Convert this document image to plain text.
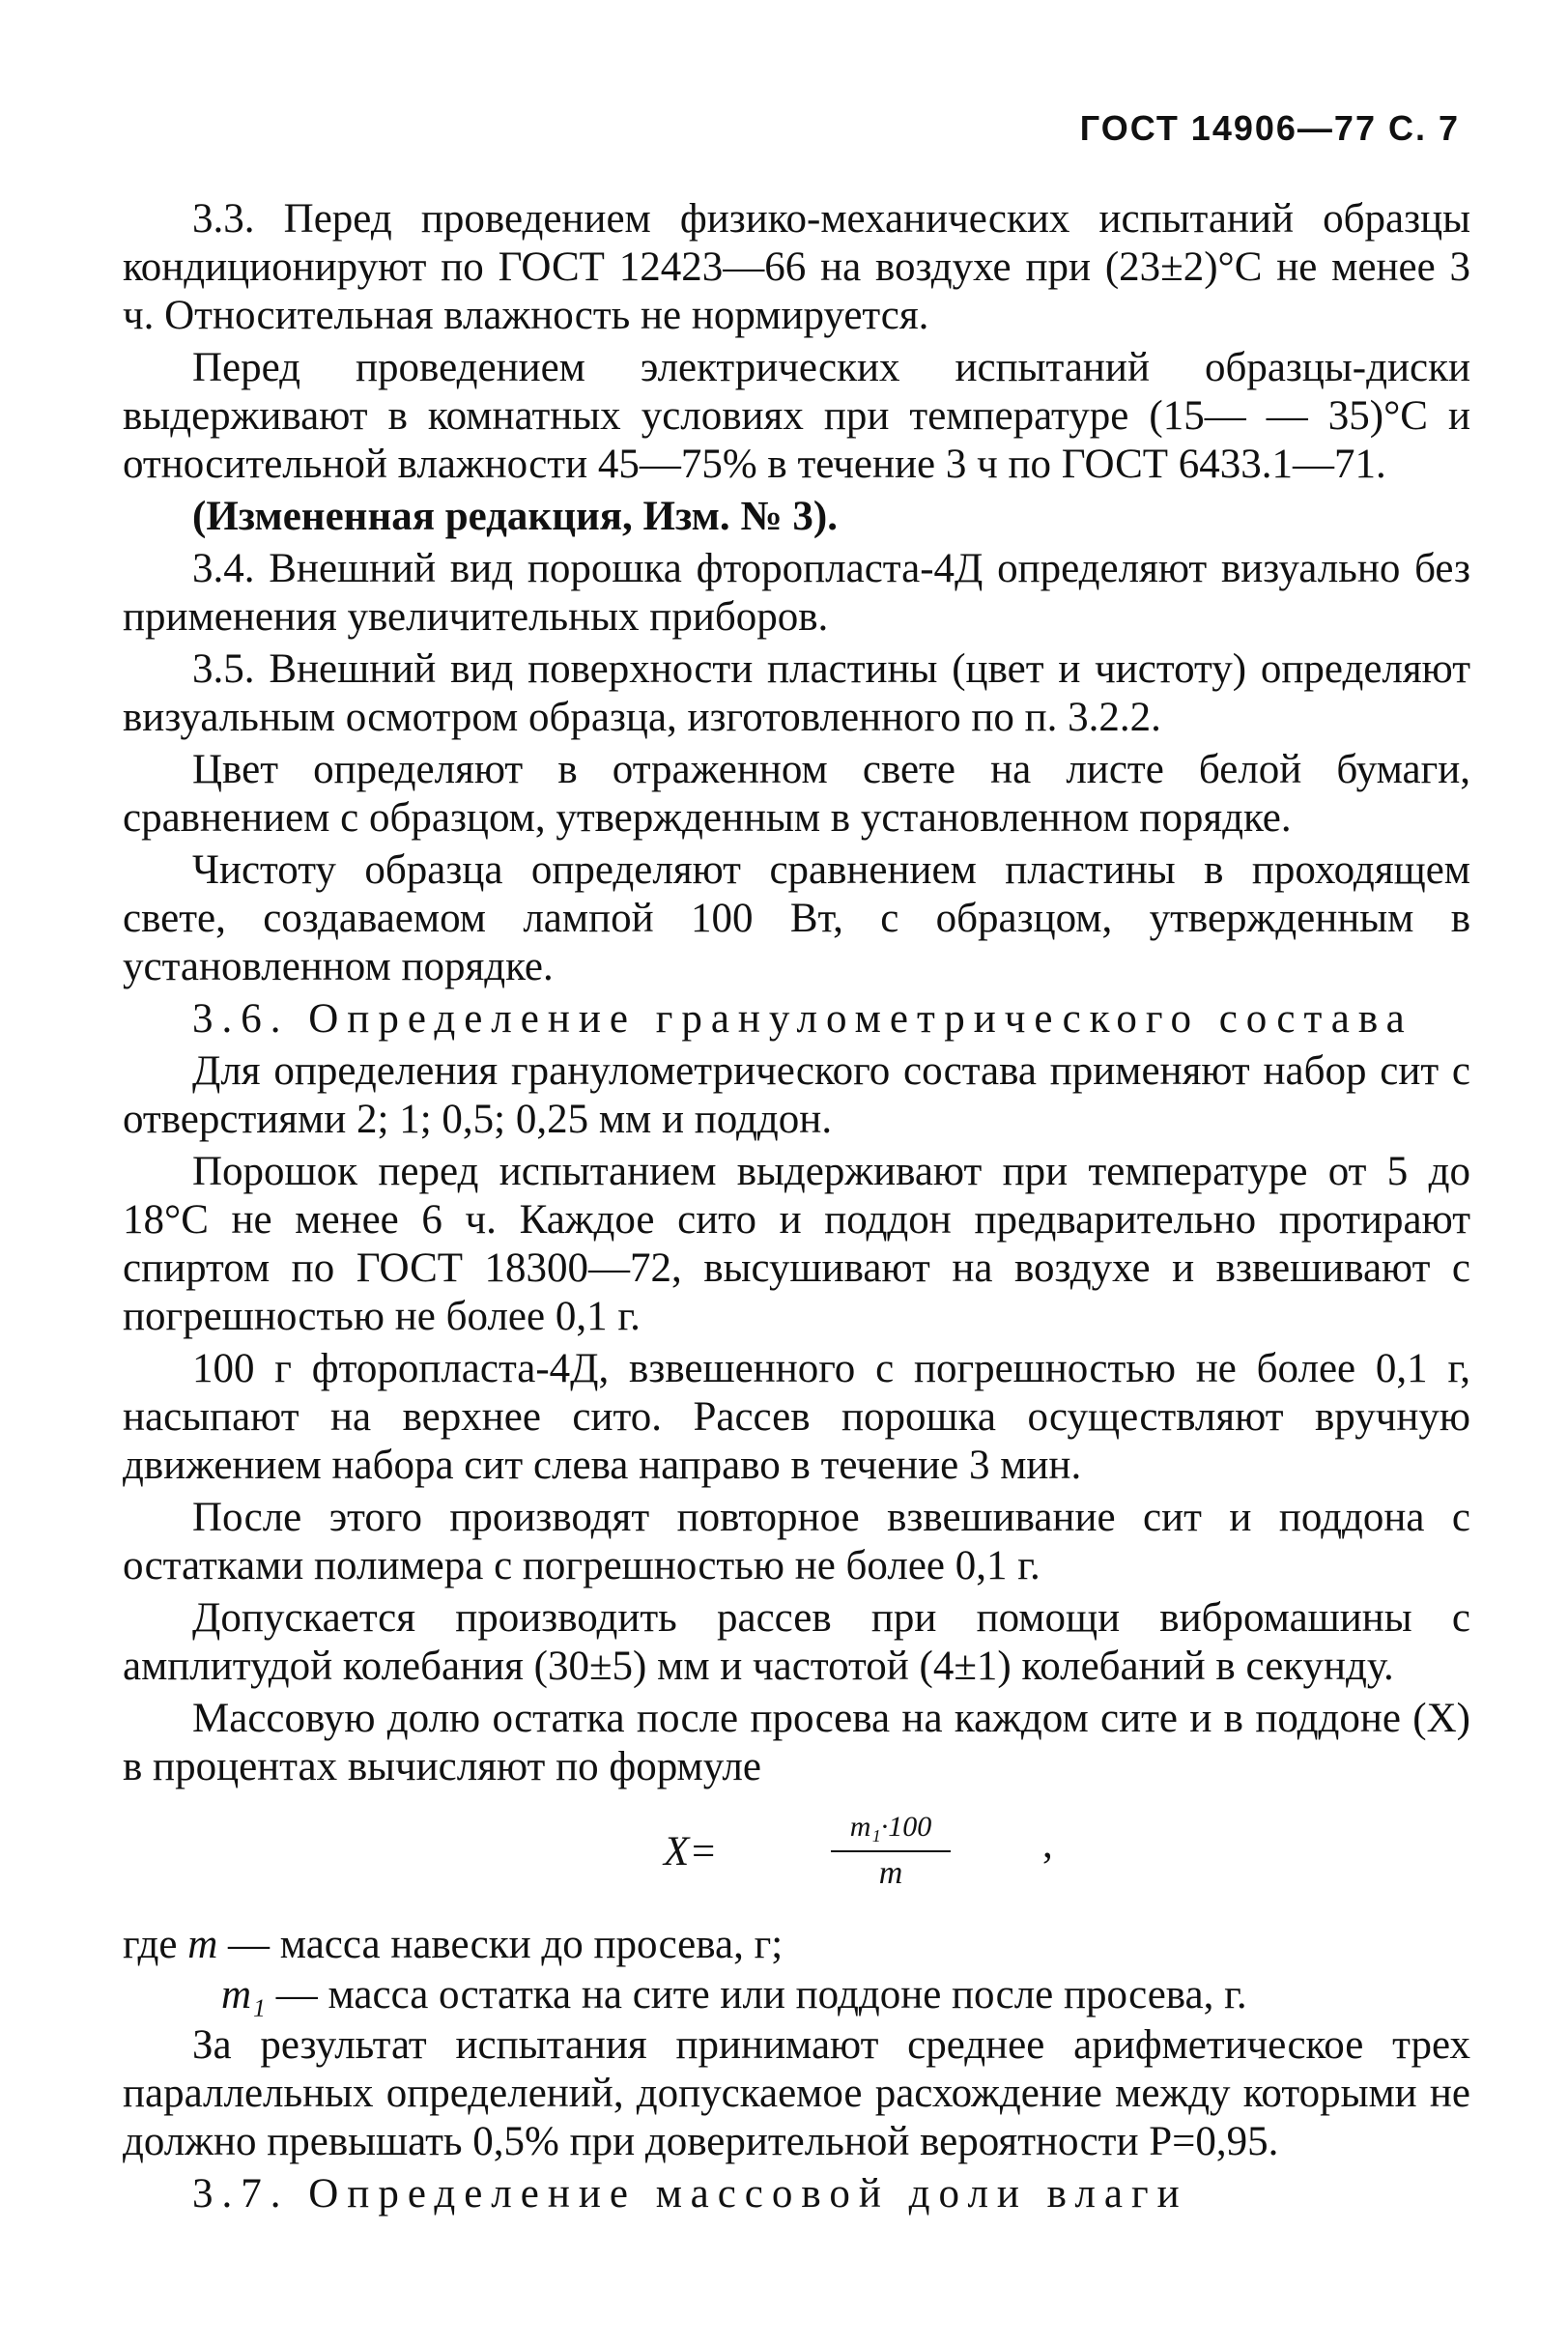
ГОСТ 14906—77 С. 7

3.3. Перед проведением физико-механических испытаний образцы кондиционируют по ГОСТ 12423—66 на воздухе при (23±2)°С не менее 3 ч. Относительная влажность не нормируется.

Перед проведением электрических испытаний образцы-диски выдерживают в комнатных условиях при температуре (15— — 35)°С и относительной влажности 45—75% в течение 3 ч по ГОСТ 6433.1—71.

(Измененная редакция, Изм. № 3).

3.4. Внешний вид порошка фторопласта-4Д определяют визуально без применения увеличительных приборов.

3.5. Внешний вид поверхности пластины (цвет и чистоту) определяют визуальным осмотром образца, изготовленного по п. 3.2.2.

Цвет определяют в отраженном свете на листе белой бумаги, сравнением с образцом, утвержденным в установленном порядке.

Чистоту образца определяют сравнением пластины в проходящем свете, создаваемом лампой 100 Вт, с образцом, утвержденным в установленном порядке.

3.6. Определение гранулометрического состава

Для определения гранулометрического состава применяют набор сит с отверстиями 2; 1; 0,5; 0,25 мм и поддон.

Порошок перед испытанием выдерживают при температуре от 5 до 18°С не менее 6 ч. Каждое сито и поддон предварительно протирают спиртом по ГОСТ 18300—72, высушивают на воздухе и взвешивают с погрешностью не более 0,1 г.

100 г фторопласта-4Д, взвешенного с погрешностью не более 0,1 г, насыпают на верхнее сито. Рассев порошка осуществляют вручную движением набора сит слева направо в течение 3 мин.

После этого производят повторное взвешивание сит и поддона с остатками полимера с погрешностью не более 0,1 г.

Допускается производить рассев при помощи вибромашины с амплитудой колебания (30±5) мм и частотой (4±1) колебаний в секунду.

Массовую долю остатка после просева на каждом сите и в поддоне (X) в процентах вычисляют по формуле

$X= \frac{\text{m₁·100}}{m}$ ,
где m — масса навески до просева, г;
m₁ — масса остатка на сите или поддоне после просева, г.

За результат испытания принимают среднее арифметическое трех параллельных определений, допускаемое расхождение между которыми не должно превышать 0,5% при доверительной вероятности P=0,95.

3.7. Определение массовой доли влаги
